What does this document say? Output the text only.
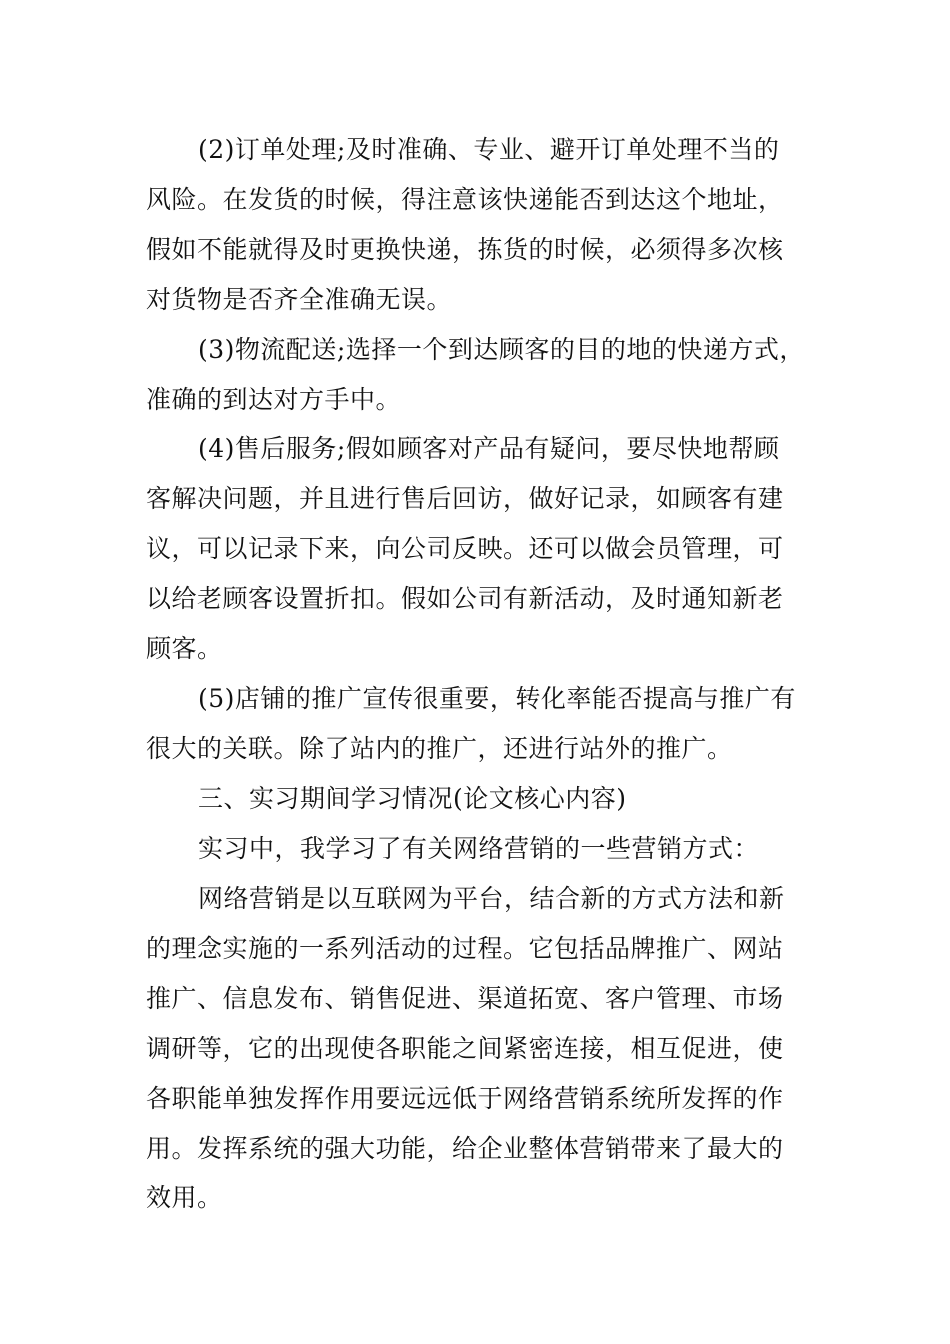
(2)订单处理;及时准确、专业、避开订单处理不当的
风险。在发货的时候，得注意该快递能否到达这个地址，
假如不能就得及时更换快递，拣货的时候，必须得多次核
对货物是否齐全准确无误。
(3)物流配送;选择一个到达顾客的目的地的快递方式，
准确的到达对方手中。
(4)售后服务;假如顾客对产品有疑问，要尽快地帮顾
客解决问题，并且进行售后回访，做好记录，如顾客有建
议，可以记录下来，向公司反映。还可以做会员管理，可
以给老顾客设置折扣。假如公司有新活动，及时通知新老
顾客。
(5)店铺的推广宣传很重要，转化率能否提高与推广有
很大的关联。除了站内的推广，还进行站外的推广。
三、实习期间学习情况(论文核心内容)
实习中，我学习了有关网络营销的一些营销方式：
网络营销是以互联网为平台，结合新的方式方法和新
的理念实施的一系列活动的过程。它包括品牌推广、网站
推广、信息发布、销售促进、渠道拓宽、客户管理、市场
调研等，它的出现使各职能之间紧密连接，相互促进，使
各职能单独发挥作用要远远低于网络营销系统所发挥的作
用。发挥系统的强大功能，给企业整体营销带来了最大的
效用。
